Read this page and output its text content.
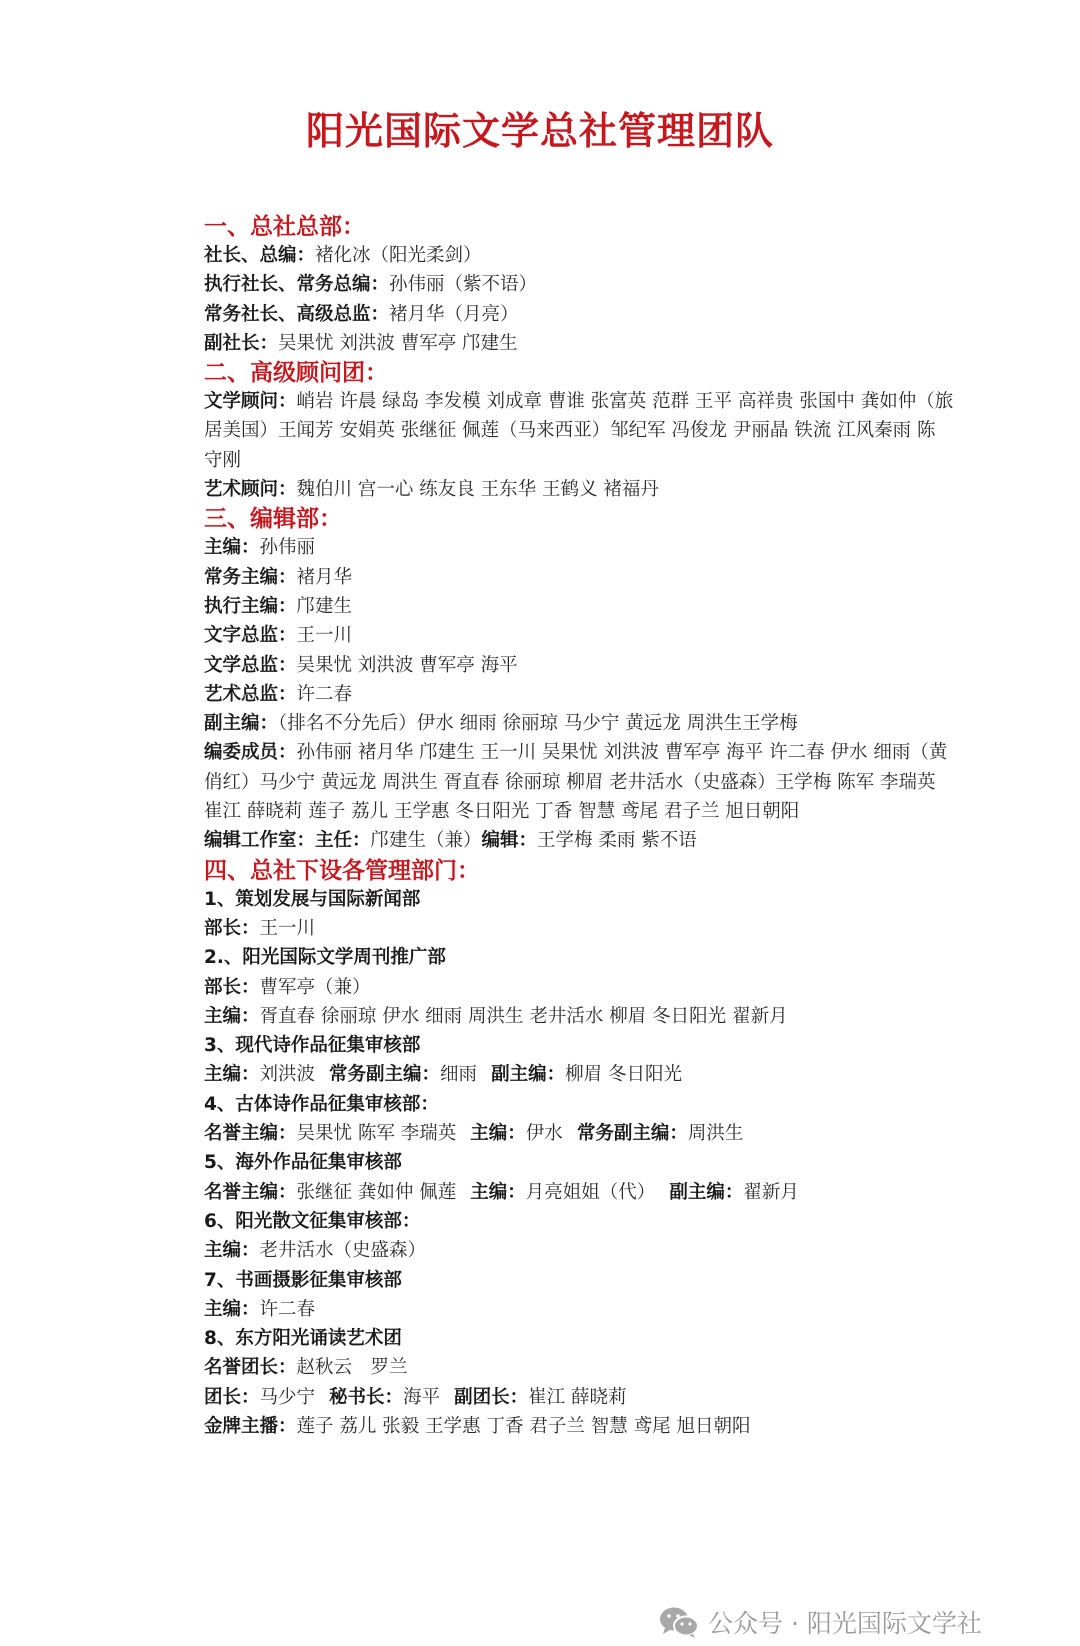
阳光国际文学总社管理团队
一、总社总部：
社长、总编：褚化冰（阳光柔剑）
执行社长、常务总编：孙伟丽（紫不语）
常务社长、高级总监：褚月华（月亮）
副社长：吴果忧 刘洪波 曹军亭 邝建生
二、高级顾问团：
文学顾问：峭岩 许晨 绿岛 李发模 刘成章 曹谁 张富英 范群 王平 高祥贵 张国中 龚如仲（旅居美国）王闻芳 安娟英 张继征 佩莲（马来西亚）邹纪军 冯俊龙 尹丽晶 铁流 江风秦雨 陈守刚
艺术顾问：魏伯川 宫一心 练友良 王东华 王鹤义 褚福丹
三、编辑部：
主编：孙伟丽
常务主编：褚月华
执行主编：邝建生
文字总监：王一川
文学总监：吴果忧 刘洪波 曹军亭 海平
艺术总监：许二春
副主编：（排名不分先后）伊水 细雨 徐丽琼 马少宁 黄远龙 周洪生王学梅
编委成员：孙伟丽 褚月华 邝建生 王一川 吴果忧 刘洪波 曹军亭 海平 许二春 伊水 细雨（黄俏红）马少宁 黄远龙 周洪生 胥直春 徐丽琼 柳眉 老井活水（史盛森）王学梅 陈军 李瑞英 崔江 薛晓莉 莲子 荔儿 王学惠 冬日阳光 丁香 智慧 鸢尾 君子兰 旭日朝阳
编辑工作室：主任：邝建生（兼）编辑：王学梅 柔雨 紫不语
四、总社下设各管理部门：
1、策划发展与国际新闻部
部长：王一川
2.、阳光国际文学周刊推广部
部长：曹军亭（兼）
主编：胥直春 徐丽琼 伊水 细雨 周洪生 老井活水 柳眉 冬日阳光 翟新月
3、现代诗作品征集审核部
主编：刘洪波 常务副主编：细雨 副主编：柳眉 冬日阳光
4、古体诗作品征集审核部：
名誉主编：吴果忧 陈军 李瑞英 主编：伊水 常务副主编：周洪生
5、海外作品征集审核部
名誉主编：张继征 龚如仲 佩莲 主编：月亮姐姐（代） 副主编：翟新月
6、阳光散文征集审核部：
主编：老井活水（史盛森）
7、书画摄影征集审核部
主编：许二春
8、东方阳光诵读艺术团
名誉团长：赵秋云　罗兰
团长：马少宁 秘书长：海平 副团长：崔江 薛晓莉
金牌主播：莲子 荔儿 张毅 王学惠 丁香 君子兰 智慧 鸢尾 旭日朝阳
公众号 · 阳光国际文学社
